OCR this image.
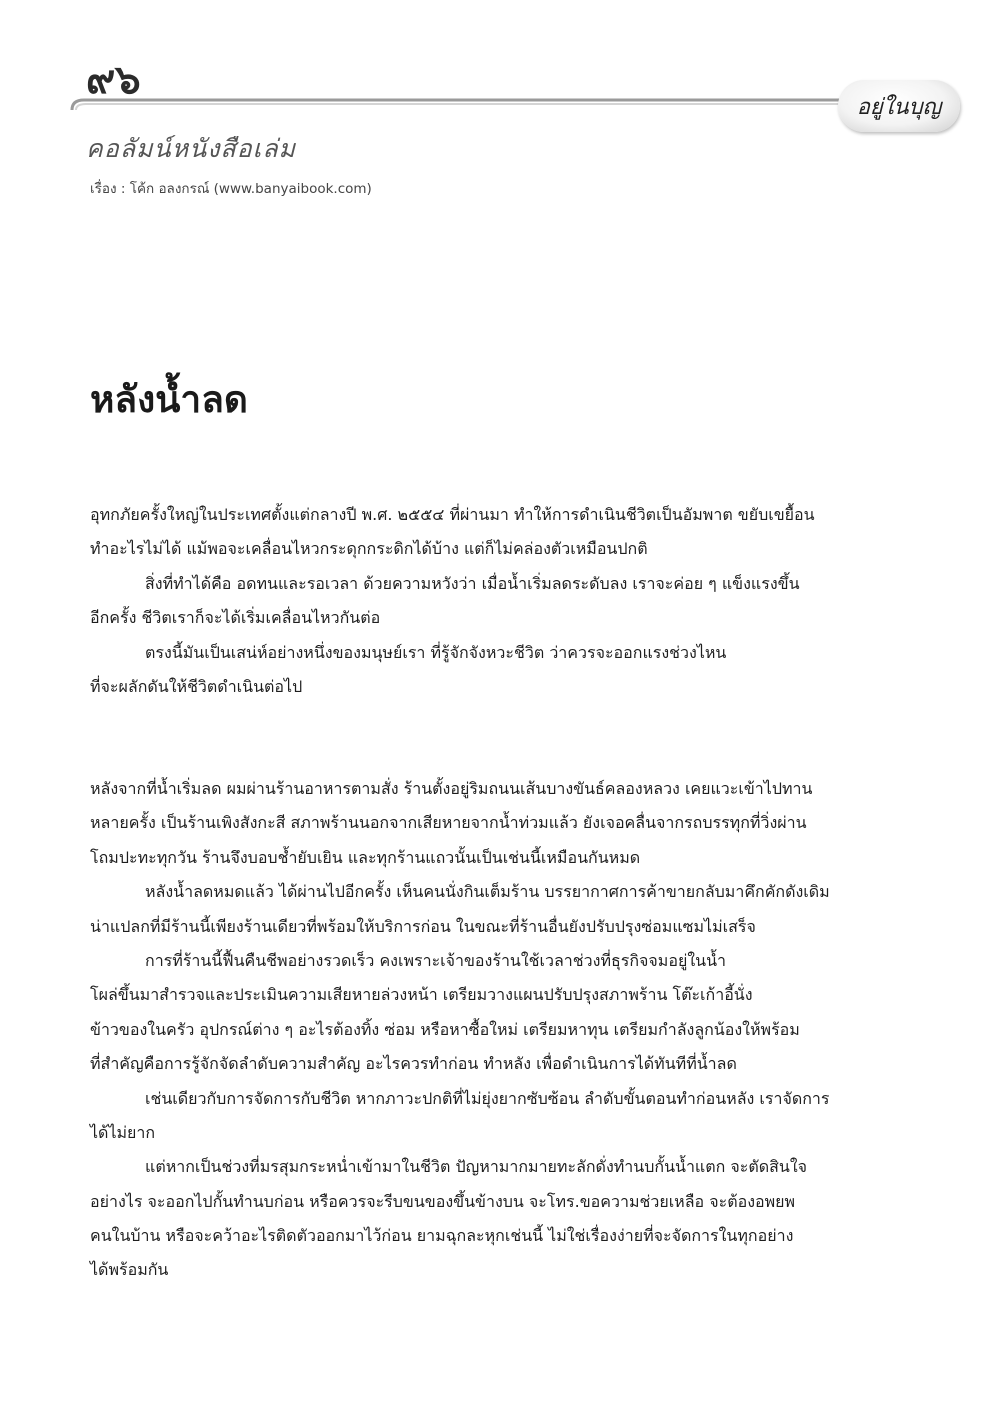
๙๖
อยู่ในบุญ
คอลัมน์หนังสือเล่ม
เรื่อง : โค้ก อลงกรณ์ (www.banyaibook.com)
หลังน้ำลด
อุทกภัยครั้งใหญ่ในประเทศตั้งแต่กลางปี พ.ศ. ๒๕๕๔ ที่ผ่านมา ทำให้การดำเนินชีวิตเป็นอัมพาต ขยับเขยื้อน
ทำอะไรไม่ได้ แม้พอจะเคลื่อนไหวกระดุกกระดิกได้บ้าง แต่ก็ไม่คล่องตัวเหมือนปกติ
สิ่งที่ทำได้คือ อดทนและรอเวลา ด้วยความหวังว่า เมื่อน้ำเริ่มลดระดับลง เราจะค่อย ๆ แข็งแรงขึ้น
อีกครั้ง ชีวิตเราก็จะได้เริ่มเคลื่อนไหวกันต่อ
ตรงนี้มันเป็นเสน่ห์อย่างหนึ่งของมนุษย์เรา ที่รู้จักจังหวะชีวิต ว่าควรจะออกแรงช่วงไหน
ที่จะผลักดันให้ชีวิตดำเนินต่อไป
หลังจากที่น้ำเริ่มลด ผมผ่านร้านอาหารตามสั่ง ร้านตั้งอยู่ริมถนนเส้นบางขันธ์คลองหลวง เคยแวะเข้าไปทาน
หลายครั้ง เป็นร้านเพิงสังกะสี สภาพร้านนอกจากเสียหายจากน้ำท่วมแล้ว ยังเจอคลื่นจากรถบรรทุกที่วิ่งผ่าน
โถมปะทะทุกวัน ร้านจึงบอบช้ำยับเยิน และทุกร้านแถวนั้นเป็นเช่นนี้เหมือนกันหมด
หลังน้ำลดหมดแล้ว ได้ผ่านไปอีกครั้ง เห็นคนนั่งกินเต็มร้าน บรรยากาศการค้าขายกลับมาคึกคักดังเดิม
น่าแปลกที่มีร้านนี้เพียงร้านเดียวที่พร้อมให้บริการก่อน ในขณะที่ร้านอื่นยังปรับปรุงซ่อมแซมไม่เสร็จ
การที่ร้านนี้ฟื้นคืนชีพอย่างรวดเร็ว คงเพราะเจ้าของร้านใช้เวลาช่วงที่ธุรกิจจมอยู่ในน้ำ
โผล่ขึ้นมาสำรวจและประเมินความเสียหายล่วงหน้า เตรียมวางแผนปรับปรุงสภาพร้าน โต๊ะเก้าอี้นั่ง
ข้าวของในครัว อุปกรณ์ต่าง ๆ อะไรต้องทิ้ง ซ่อม หรือหาซื้อใหม่ เตรียมหาทุน เตรียมกำลังลูกน้องให้พร้อม
ที่สำคัญคือการรู้จักจัดลำดับความสำคัญ อะไรควรทำก่อน ทำหลัง เพื่อดำเนินการได้ทันทีที่น้ำลด
เช่นเดียวกับการจัดการกับชีวิต หากภาวะปกติที่ไม่ยุ่งยากซับซ้อน ลำดับขั้นตอนทำก่อนหลัง เราจัดการ
ได้ไม่ยาก
แต่หากเป็นช่วงที่มรสุมกระหน่ำเข้ามาในชีวิต ปัญหามากมายทะลักดั่งทำนบกั้นน้ำแตก จะตัดสินใจ
อย่างไร จะออกไปกั้นทำนบก่อน หรือควรจะรีบขนของขึ้นข้างบน จะโทร.ขอความช่วยเหลือ จะต้องอพยพ
คนในบ้าน หรือจะคว้าอะไรติดตัวออกมาไว้ก่อน ยามฉุกละหุกเช่นนี้ ไม่ใช่เรื่องง่ายที่จะจัดการในทุกอย่าง
ได้พร้อมกัน
